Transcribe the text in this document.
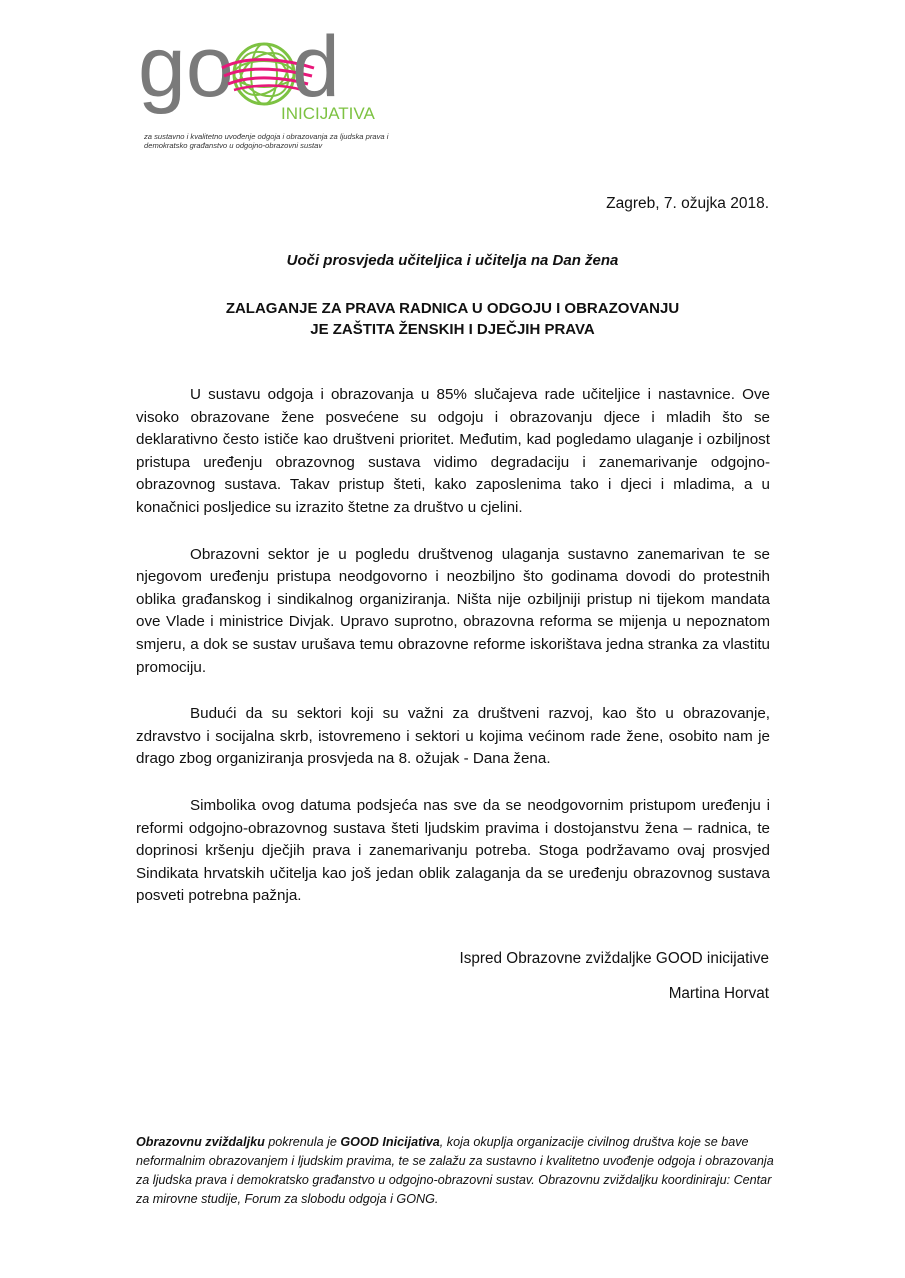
go d
INICIJATIVA
za sustavno i kvalitetno uvođenje odgoja i obrazovanja za ljudska prava i demokratsko građanstvo u odgojno-obrazovni sustav
Zagreb, 7. ožujka 2018.
Uoči prosvjeda učiteljica i učitelja na Dan žena
ZALAGANJE ZA PRAVA RADNICA U ODGOJU I OBRAZOVANJU
JE ZAŠTITA ŽENSKIH I DJEČJIH PRAVA

U sustavu odgoja i obrazovanja u 85% slučajeva rade učiteljice i nastavnice. Ove visoko obrazovane žene posvećene su odgoju i obrazovanju djece i mladih što se deklarativno često ističe kao društveni prioritet. Međutim, kad pogledamo ulaganje i ozbiljnost pristupa uređenju obrazovnog sustava vidimo degradaciju i zanemarivanje odgojno-obrazovnog sustava. Takav pristup šteti, kako zaposlenima tako i djeci i mladima, a u konačnici posljedice su izrazito štetne za društvo u cjelini.

Obrazovni sektor je u pogledu društvenog ulaganja sustavno zanemarivan te se njegovom uređenju pristupa neodgovorno i neozbiljno što godinama dovodi do protestnih oblika građanskog i sindikalnog organiziranja. Ništa nije ozbiljniji pristup ni tijekom mandata ove Vlade i ministrice Divjak. Upravo suprotno, obrazovna reforma se mijenja u nepoznatom smjeru, a dok se sustav urušava temu obrazovne reforme iskorištava jedna stranka za vlastitu promociju.

Budući da su sektori koji su važni za društveni razvoj, kao što u obrazovanje, zdravstvo i socijalna skrb, istovremeno i sektori u kojima većinom rade žene, osobito nam je drago zbog organiziranja prosvjeda na 8. ožujak - Dana žena.

Simbolika ovog datuma podsjeća nas sve da se neodgovornim pristupom uređenju i reformi odgojno-obrazovnog sustava šteti ljudskim pravima i dostojanstvu žena – radnica, te doprinosi kršenju dječjih prava i zanemarivanju potreba. Stoga podržavamo ovaj prosvjed Sindikata hrvatskih učitelja kao još jedan oblik zalaganja da se uređenju obrazovnog sustava posveti potrebna pažnja.

Ispred Obrazovne zviždaljke GOOD inicijative
Martina Horvat
Obrazovnu zviždaljku pokrenula je GOOD Inicijativa, koja okuplja organizacije civilnog društva koje se bave neformalnim obrazovanjem i ljudskim pravima, te se zalažu za sustavno i kvalitetno uvođenje odgoja i obrazovanja za ljudska prava i demokratsko građanstvo u odgojno-obrazovni sustav. Obrazovnu zviždaljku koordiniraju: Centar za mirovne studije, Forum za slobodu odgoja i GONG.
